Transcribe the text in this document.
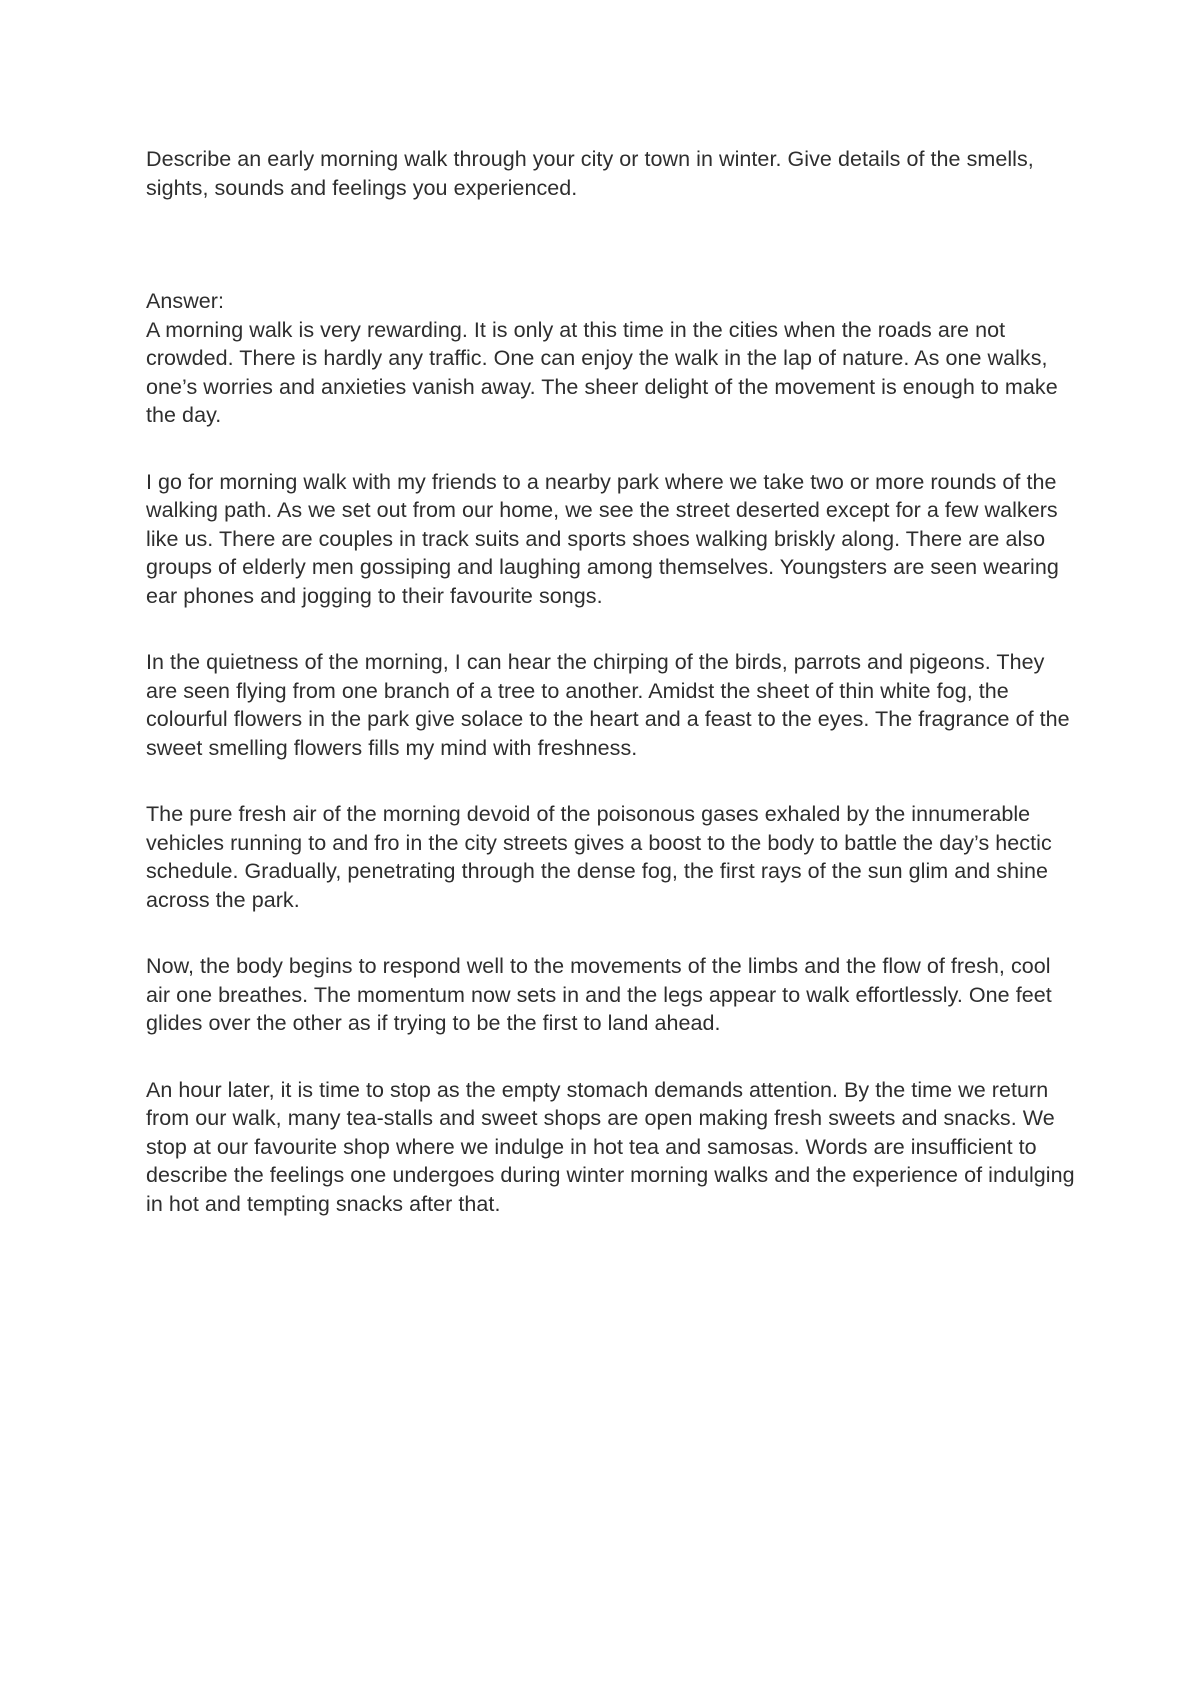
Describe an early morning walk through your city or town in winter. Give details of the smells, sights, sounds and feelings you experienced.

Answer:

A morning walk is very rewarding. It is only at this time in the cities when the roads are not crowded. There is hardly any traffic. One can enjoy the walk in the lap of nature. As one walks, one’s worries and anxieties vanish away. The sheer delight of the movement is enough to make the day.

I go for morning walk with my friends to a nearby park where we take two or more rounds of the walking path. As we set out from our home, we see the street deserted except for a few walkers like us. There are couples in track suits and sports shoes walking briskly along. There are also groups of elderly men gossiping and laughing among themselves. Youngsters are seen wearing ear phones and jogging to their favourite songs.

In the quietness of the morning, I can hear the chirping of the birds, parrots and pigeons. They are seen flying from one branch of a tree to another. Amidst the sheet of thin white fog, the colourful flowers in the park give solace to the heart and a feast to the eyes. The fragrance of the sweet smelling flowers fills my mind with freshness.

The pure fresh air of the morning devoid of the poisonous gases exhaled by the innumerable vehicles running to and fro in the city streets gives a boost to the body to battle the day’s hectic schedule. Gradually, penetrating through the dense fog, the first rays of the sun glim and shine across the park.

Now, the body begins to respond well to the movements of the limbs and the flow of fresh, cool air one breathes. The momentum now sets in and the legs appear to walk effortlessly. One feet glides over the other as if trying to be the first to land ahead.

An hour later, it is time to stop as the empty stomach demands attention. By the time we return from our walk, many tea-stalls and sweet shops are open making fresh sweets and snacks. We stop at our favourite shop where we indulge in hot tea and samosas. Words are insufficient to describe the feelings one undergoes during winter morning walks and the experience of indulging in hot and tempting snacks after that.
